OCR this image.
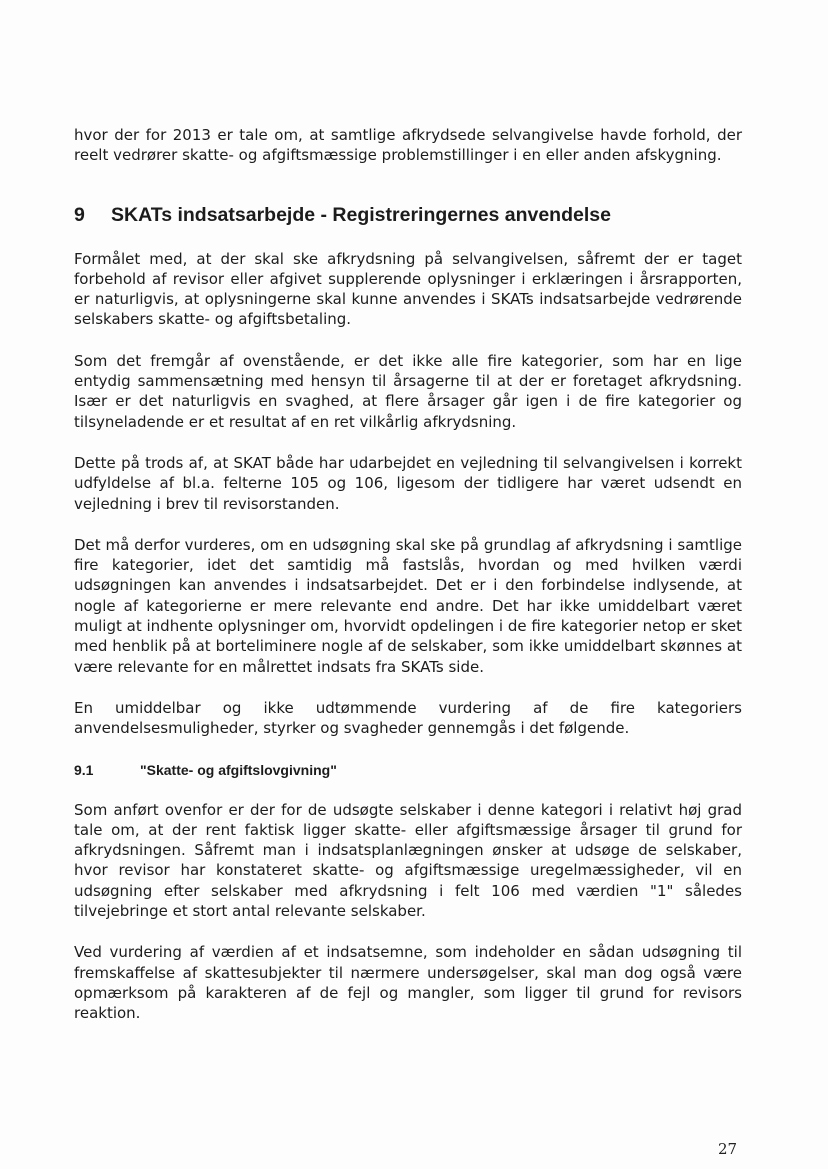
hvor der for 2013 er tale om, at samtlige afkrydsede selvangivelse havde forhold, der reelt vedrører skatte- og afgiftsmæssige problemstillinger i en eller anden afskygning.

9	SKATs indsatsarbejde - Registreringernes anvendelse

Formålet med, at der skal ske afkrydsning på selvangivelsen, såfremt der er taget forbehold af revisor eller afgivet supplerende oplysninger i erklæringen i årsrapporten, er naturligvis, at oplysningerne skal kunne anvendes i SKATs indsatsarbejde vedrørende selskabers skatte- og afgiftsbetaling.

Som det fremgår af ovenstående, er det ikke alle fire kategorier, som har en lige entydig sammensætning med hensyn til årsagerne til at der er foretaget afkrydsning. Især er det naturligvis en svaghed, at flere årsager går igen i de fire kategorier og tilsyneladende er et resultat af en ret vilkårlig afkrydsning.

Dette på trods af, at SKAT både har udarbejdet en vejledning til selvangivelsen i korrekt udfyldelse af bl.a. felterne 105 og 106, ligesom der tidligere har været udsendt en vejledning i brev til revisorstanden.

Det må derfor vurderes, om en udsøgning skal ske på grundlag af afkrydsning i samtlige fire kategorier, idet det samtidig må fastslås, hvordan og med hvilken værdi udsøgningen kan anvendes i indsatsarbejdet. Det er i den forbindelse indlysende, at nogle af kategorierne er mere relevante end andre. Det har ikke umiddelbart været muligt at indhente oplysninger om, hvorvidt opdelingen i de fire kategorier netop er sket med henblik på at borteliminere nogle af de selskaber, som ikke umiddelbart skønnes at være relevante for en målrettet indsats fra SKATs side.

En umiddelbar og ikke udtømmende vurdering af de fire kategoriers anvendelsesmuligheder, styrker og svagheder gennemgås i det følgende.

9.1	"Skatte- og afgiftslovgivning"

Som anført ovenfor er der for de udsøgte selskaber i denne kategori i relativt høj grad tale om, at der rent faktisk ligger skatte- eller afgiftsmæssige årsager til grund for afkrydsningen. Såfremt man i indsatsplanlægningen ønsker at udsøge de selskaber, hvor revisor har konstateret skatte- og afgiftsmæssige uregelmæssigheder, vil en udsøgning efter selskaber med afkrydsning i felt 106 med værdien "1" således tilvejebringe et stort antal relevante selskaber.

Ved vurdering af værdien af et indsatsemne, som indeholder en sådan udsøgning til fremskaffelse af skattesubjekter til nærmere undersøgelser, skal man dog også være opmærksom på karakteren af de fejl og mangler, som ligger til grund for revisors reaktion.

27
